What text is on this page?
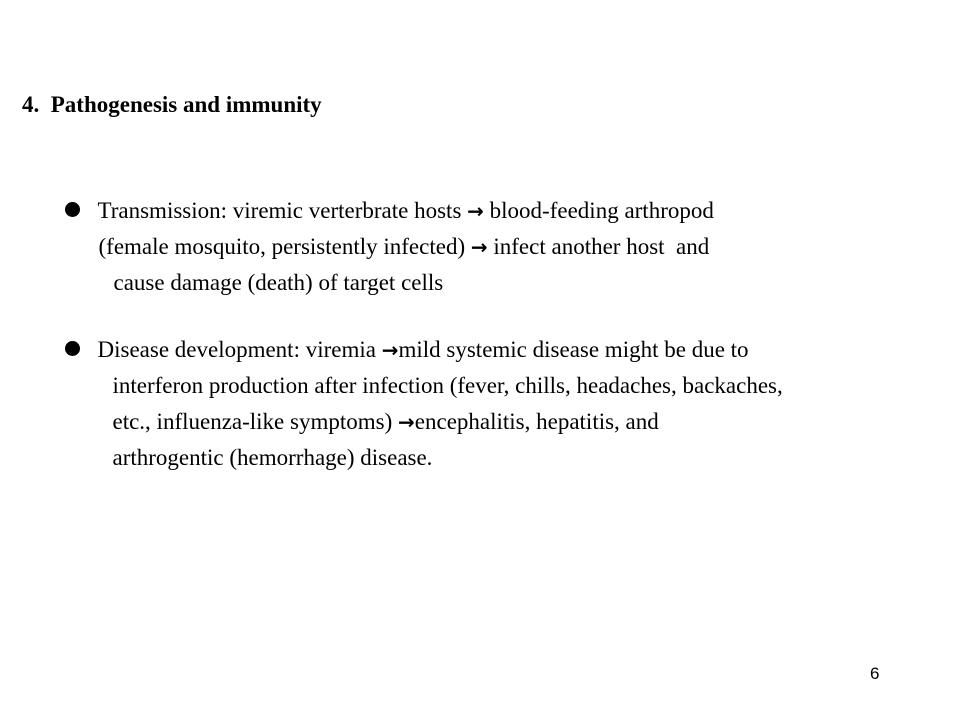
4.  Pathogenesis and immunity

Transmission: viremic verterbrate hosts → blood-feeding arthropod

(female mosquito, persistently infected) → infect another host  and

cause damage (death) of target cells

Disease development: viremia →mild systemic disease might be due to

interferon production after infection (fever, chills, headaches, backaches,

etc., influenza-like symptoms) →encephalitis, hepatitis, and

arthrogentic (hemorrhage) disease.

6
